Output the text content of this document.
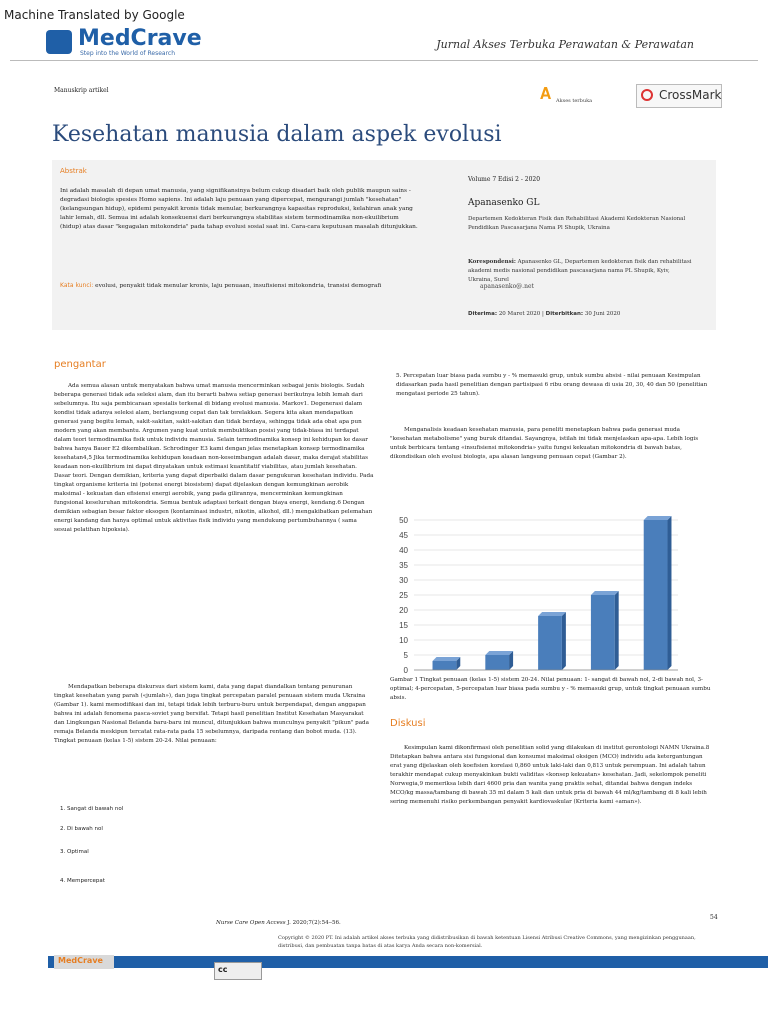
Machine Translated by Google
MedCrave
Step into the World of Research
Jurnal Akses Terbuka Perawatan & Perawatan
Manuskrip artikel	𝚨 Akses terbuka	CrossMark
Kesehatan manusia dalam aspek evolusi
Abstrak
Ini adalah masalah di depan umat manusia, yang signifikansinya belum cukup disadari baik oleh publik maupun sains - degradasi biologis spesies Homo sapiens. Ini adalah laju penuaan yang dipercepat, mengurangi jumlah "kesehatan" (kelangsungan hidup), epidemi penyakit kronis tidak menular, berkurangnya kapasitas reproduksi, kelahiran anak yang lahir lemah, dll. Semua ini adalah konsekuensi dari berkurangnya stabilitas sistem termodinamika non-ekuilibrium (hidup) atas dasar "kegagalan mitokondria" pada tahap evolusi sosial saat ini. Cara-cara keputusan masalah ditunjukkan.
Kata kunci: evolusi, penyakit tidak menular kronis, laju penuaan, insufisiensi mitokondria, transisi demografi
Volume 7 Edisi 2 - 2020
Apanasenko GL
Departemen Kedokteran Fisik dan Rehabilitasi Akademi Kedokteran Nasional Pendidikan Pascasarjana Nama Pl Shupik, Ukraina
Korespondensi: Apanasenko GL, Departemen kedokteran fisik dan rehabilitasi akademi medis nasional pendidikan pascasarjana nama PL Shupik, Kyiv, Ukraina, Surel
apanasenko@.net
Diterima: 20 Maret 2020 | Diterbitkan: 30 Juni 2020
pengantar
Ada semua alasan untuk menyatakan bahwa umat manusia mencerminkan sebagai jenis biologis. Sudah beberapa generasi tidak ada seleksi alam, dan itu berarti bahwa setiap generasi berikutnya lebih lemah dari sebelumnya. Itu saja pembicaraan spesialis terkenal di bidang evolusi manusia. Markov1. Degenerasi dalam kondisi tidak adanya seleksi alam, berlangsung cepat dan tak terelakkan. Segera kita akan mendapatkan generasi yang begitu lemah, sakit-sakitan, sakit-sakitan dan tidak berdaya, sehingga tidak ada obat apa pun modern yang akan membantu. Argumen yang kuat untuk membuktikan posisi yang tidak-biasa ini terdapat dalam teori termodinamika fisik untuk individu manusia. Selain termodinamika konsep ini kehidupan ke dasar bahwa hanya Bauer E2 dikembalikan. Schrodinger E3 kami dengan jelas menetapkan konsep termodinamika kesehatan4,5 Jika termodinamika kehidupan keadaan non-keseimbangan adalah dasar, maka derajat stabilitas keadaan non-ekuilibrium ini dapat dinyatakan untuk estimasi kuantitatif viabilitas, atau jumlah kesehatan. Dasar teori. Dengan demikian, kriteria yang dapat diperbaiki dalam dasar pengukuran kesehatan individu. Pada tingkat organisme kriteria ini (potensi energi biosistem) dapat dijelaskan dengan kemungkinan aerobik maksimal - kekuatan dan efisiensi energi aerobik, yang pada gilirannya, mencerminkan kemungkinan fungsional keseluruhan mitokondria. Semua bentuk adaptasi terkait dengan biaya energi, kendang.6 Dengan demikian sebagian besar faktor eksogen (kontaminasi industri, nikotin, alkohol, dll.) mengakibatkan pelemahan energi kandang dan hanya optimal untuk aktivitas fisik individu yang mendukung pertumbuhannya ( sama sesuai pelatihan hipoksia).
Mendapatkan beberapa diskursus dari sistem kami, data yang dapat diandalkan tentang penurunan tingkat kesehatan yang parah («jumlah»), dan juga tingkat percepatan paralel penuaan sistem muda Ukraina (Gambar 1). kami memodifikasi dan ini, tetapi tidak lebih terburu-buru untuk berpendapat, dengan anggapan bahwa ini adalah fenomena pasca-soviet yang bersifat. Tetapi hasil penelitian Institut Kesehatan Masyarakat dan Lingkungan Nasional Belanda baru-baru ini muncul, ditunjukkan bahwa munculnya penyakit "pikun" pada remaja Belanda meskipun tercatat rata-rata pada 15 sebelumnya, daripada rentang dan bobot muda. (13). Tingkat penuaan (kelas 1-5) sistem 20-24. Nilai penuaan:
1. Sangat di bawah nol
2. Di bawah nol
3. Optimal
4. Mempercepat
5. Percepatan luar biasa pada sumbu y - % memasuki grup, untuk sumbu absisi - nilai penuaan Kesimpulan didasarkan pada hasil penelitian dengan partisipasi 6 ribu orang dewasa di usia 20, 30, 40 dan 50 (penelitian mengatasi periode 25 tahun).
Menganalisis keadaan kesehatan manusia, para peneliti menetapkan bahwa pada generasi muda "kesehatan metabolisme" yang buruk ditandai. Sayangnya, istilah ini tidak menjelaskan apa-apa. Lebih logis untuk berbicara tentang «insufisiensi mitokondria» yaitu fungsi kekuatan mitokondria di bawah batas, dikondisikan oleh evolusi biologis, apa alasan langsung penuaan cepat (Gambar 2).
0
5
10
15
20
25
30
35
40
45
50
Gambar 1 Tingkat penuaan (kelas 1-5) sistem 20-24. Nilai penuaan: 1- sangat di bawah nol, 2-di bawah nol, 3-optimal; 4-percepatan, 5-percepatan luar biasa pada sumbu y - % memasuki grup, untuk tingkat penuaan sumbu absis.
Diskusi
Kesimpulan kami dikonfirmasi oleh penelitian solid yang dilakukan di institut gerontologi NAMN Ukraina.8 Ditetapkan bahwa antara sisi fungsional dan konsumsi maksimal oksigen (MCO) individu ada ketergantungan erat yang dijelaskan oleh koefisien korelasi 0,860 untuk laki-laki dan 0,813 untuk perempuan. Ini adalah tahun terakhir mendapat cukup menyakinkan bukti validitas «konsep kekuatan» kesehatan. Jadi, sekelompok peneliti Norwegia,9 memeriksa lebih dari 4600 pria dan wanita yang praktis sehat, ditandai bahwa dengan indeks MCO/kg massa/tambang di bawah 35 ml dalam 5 kali dan untuk pria di bawah 44 ml/kg/tambang di 8 kali lebih sering memenuhi risiko perkembangan penyakit kardiovaskular (Kriteria kami «aman»).
Nurse Care Open Access J. 2020;7(2):54‒56.
54
Copyright © 2020 PT. Ini adalah artikel akses terbuka yang didistribusikan di bawah ketentuan Lisensi Atribusi Creative Commons, yang mengizinkan penggunaan, distribusi, dan pembuatan tanpa batas di atas karya Anda secara non-komersial.
MedCrave
cc
